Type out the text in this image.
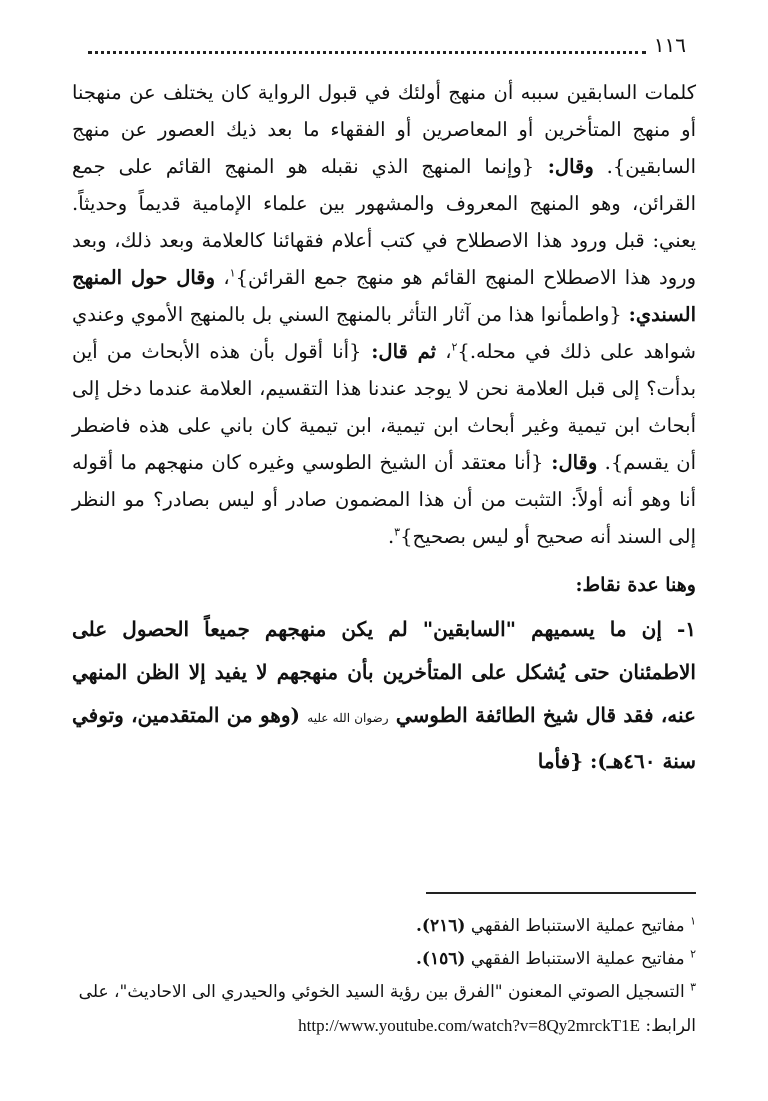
١١٦

كلمات السابقين سببه أن منهج أولئك في قبول الرواية كان يختلف عن منهجنا أو منهج المتأخرين أو المعاصرين أو الفقهاء ما بعد ذيك العصور عن منهج السابقين}. وقال: {وإنما المنهج الذي نقبله هو المنهج القائم على جمع القرائن، وهو المنهج المعروف والمشهور بين علماء الإمامية قديماً وحديثاً. يعني: قبل ورود هذا الاصطلاح في كتب أعلام فقهائنا كالعلامة وبعد ذلك، وبعد ورود هذا الاصطلاح المنهج القائم هو منهج جمع القرائن}$^١$، وقال حول المنهج السندي: {واطمأنوا هذا من آثار التأثر بالمنهج السني بل بالمنهج الأموي وعندي شواهد على ذلك في محله.}$^٢$، ثم قال: {أنا أقول بأن هذه الأبحاث من أين بدأت؟ إلى قبل العلامة نحن لا يوجد عندنا هذا التقسيم، العلامة عندما دخل إلى أبحاث ابن تيمية وغير أبحاث ابن تيمية، ابن تيمية كان باني على هذه فاضطر أن يقسم}. وقال: {أنا معتقد أن الشيخ الطوسي وغيره كان منهجهم ما أقوله أنا وهو أنه أولاً: التثبت من أن هذا المضمون صادر أو ليس بصادر؟ مو النظر إلى السند أنه صحيح أو ليس بصحيح}$^٣$.

وهنا عدة نقاط:

١- إن ما يسميهم "السابقين" لم يكن منهجهم جميعاً الحصول على الاطمئنان حتى يُشكل على المتأخرين بأن منهجهم لا يفيد إلا الظن المنهي عنه، فقد قال شيخ الطائفة الطوسي رضوان الله عليه (وهو من المتقدمين، وتوفي سنة ٤٦٠هـ): {فأما

$^١$ مفاتيح عملية الاستنباط الفقهي (٢١٦).

$^٢$ مفاتيح عملية الاستنباط الفقهي (١٥٦).

$^٣$ التسجيل الصوتي المعنون "الفرق بين رؤية السيد الخوئي والحيدري الى الاحاديث"، على الرابط: http://www.youtube.com/watch?v=8Qy2mrckT1E
